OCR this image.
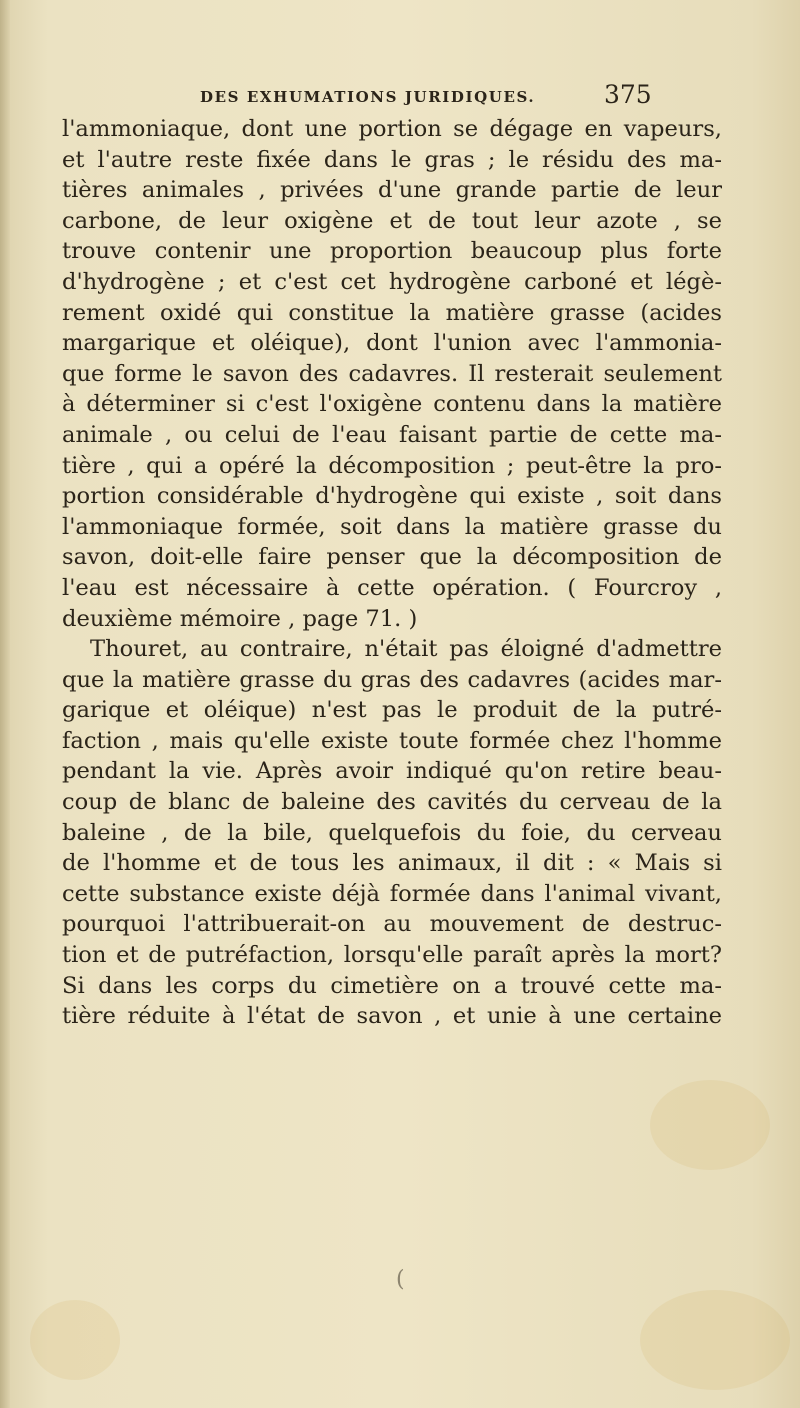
DES EXHUMATIONS JURIDIQUES.	375
l'ammoniaque, dont une portion se dégage en vapeurs,
et l'autre reste fixée dans le gras ; le résidu des ma-
tières animales , privées d'une grande partie de leur
carbone, de leur oxigène et de tout leur azote , se
trouve contenir une proportion beaucoup plus forte
d'hydrogène ; et c'est cet hydrogène carboné et légè-
rement oxidé qui constitue la matière grasse (acides
margarique et oléique), dont l'union avec l'ammonia-
que forme le savon des cadavres. Il resterait seulement
à déterminer si c'est l'oxigène contenu dans la matière
animale , ou celui de l'eau faisant partie de cette ma-
tière , qui a opéré la décomposition ; peut-être la pro-
portion considérable d'hydrogène qui existe , soit dans
l'ammoniaque formée, soit dans la matière grasse du
savon, doit-elle faire penser que la décomposition de
l'eau est nécessaire à cette opération. ( Fourcroy ,
deuxième mémoire , page 71. )
Thouret, au contraire, n'était pas éloigné d'admettre
que la matière grasse du gras des cadavres (acides mar-
garique et oléique) n'est pas le produit de la putré-
faction , mais qu'elle existe toute formée chez l'homme
pendant la vie. Après avoir indiqué qu'on retire beau-
coup de blanc de baleine des cavités du cerveau de la
baleine , de la bile, quelquefois du foie, du cerveau
de l'homme et de tous les animaux, il dit : « Mais si
cette substance existe déjà formée dans l'animal vivant,
pourquoi l'attribuerait-on au mouvement de destruc-
tion et de putréfaction, lorsqu'elle paraît après la mort?
Si dans les corps du cimetière on a trouvé cette ma-
tière réduite à l'état de savon , et unie à une certaine
(
